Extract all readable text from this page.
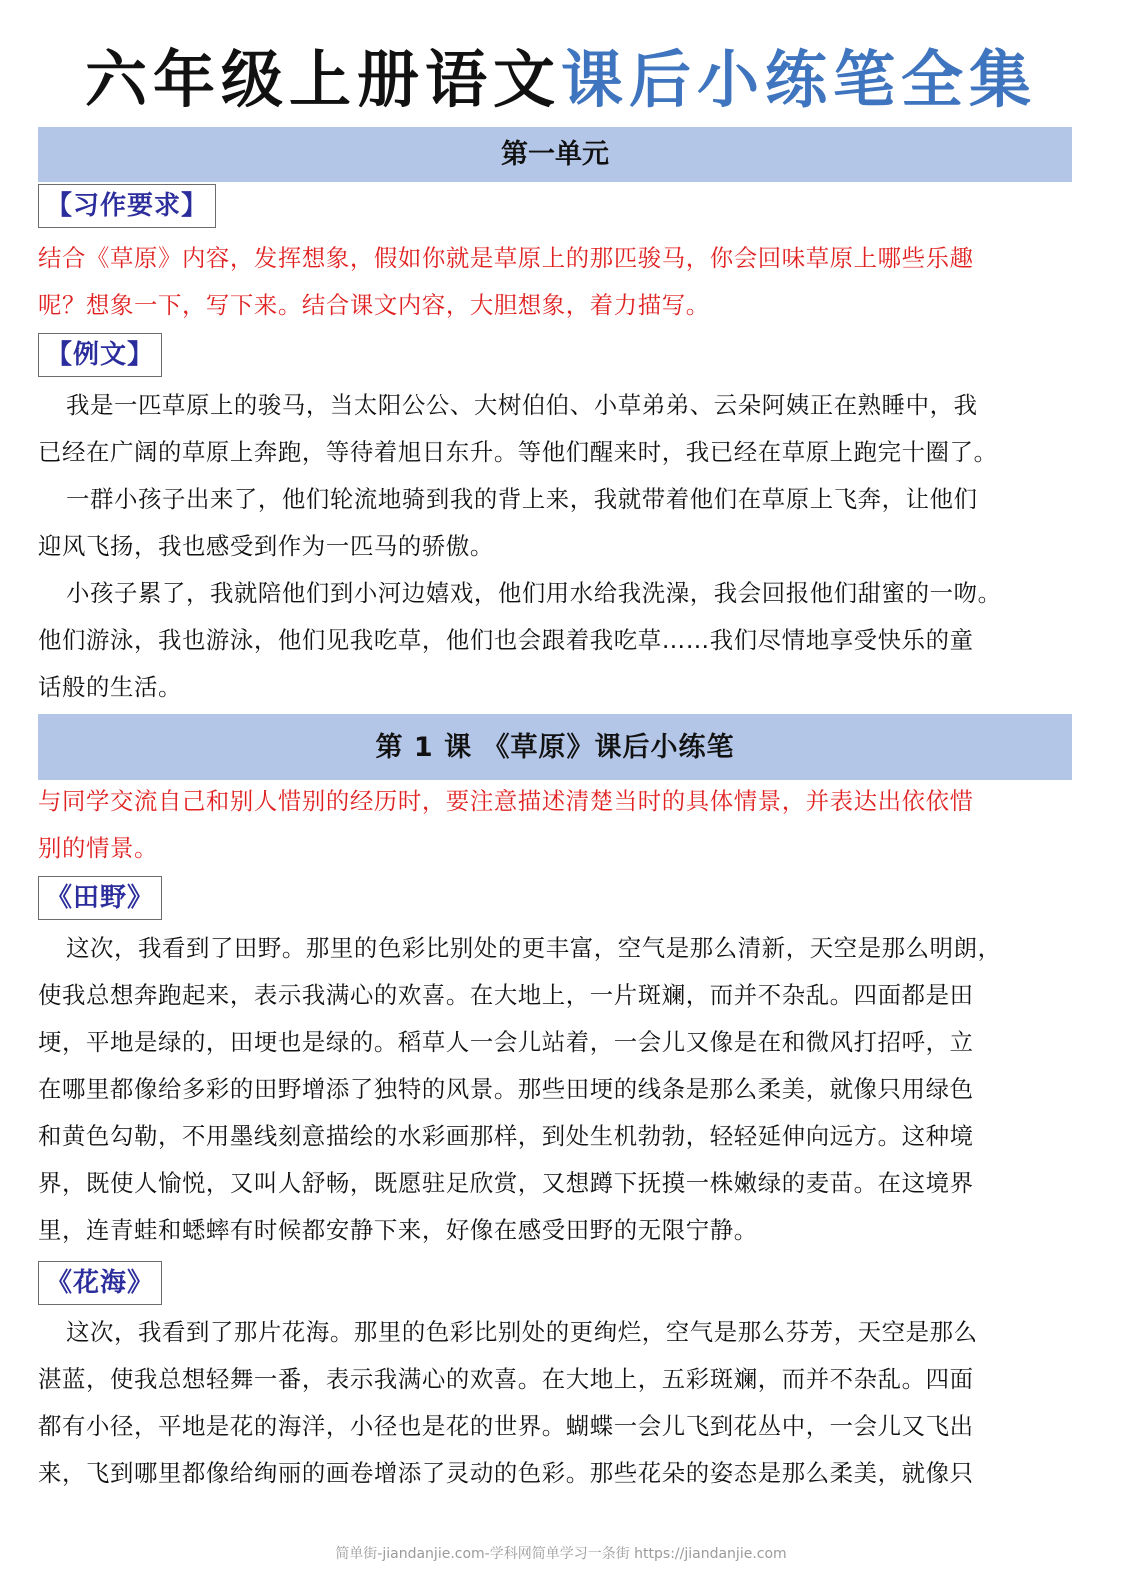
六年级上册语文课后小练笔全集
第一单元
【习作要求】
结合《草原》内容，发挥想象，假如你就是草原上的那匹骏马，你会回味草原上哪些乐趣
呢？想象一下，写下来。结合课文内容，大胆想象，着力描写。
【例文】
我是一匹草原上的骏马，当太阳公公、大树伯伯、小草弟弟、云朵阿姨正在熟睡中，我
已经在广阔的草原上奔跑，等待着旭日东升。等他们醒来时，我已经在草原上跑完十圈了。
一群小孩子出来了，他们轮流地骑到我的背上来，我就带着他们在草原上飞奔，让他们
迎风飞扬，我也感受到作为一匹马的骄傲。
小孩子累了，我就陪他们到小河边嬉戏，他们用水给我洗澡，我会回报他们甜蜜的一吻。
他们游泳，我也游泳，他们见我吃草，他们也会跟着我吃草……我们尽情地享受快乐的童
话般的生活。
第 1 课 《草原》课后小练笔
与同学交流自己和别人惜别的经历时，要注意描述清楚当时的具体情景，并表达出依依惜
别的情景。
《田野》
这次，我看到了田野。那里的色彩比别处的更丰富，空气是那么清新，天空是那么明朗，
使我总想奔跑起来，表示我满心的欢喜。在大地上，一片斑斓，而并不杂乱。四面都是田
埂，平地是绿的，田埂也是绿的。稻草人一会儿站着，一会儿又像是在和微风打招呼，立
在哪里都像给多彩的田野增添了独特的风景。那些田埂的线条是那么柔美，就像只用绿色
和黄色勾勒，不用墨线刻意描绘的水彩画那样，到处生机勃勃，轻轻延伸向远方。这种境
界，既使人愉悦，又叫人舒畅，既愿驻足欣赏，又想蹲下抚摸一株嫩绿的麦苗。在这境界
里，连青蛙和蟋蟀有时候都安静下来，好像在感受田野的无限宁静。
《花海》
这次，我看到了那片花海。那里的色彩比别处的更绚烂，空气是那么芬芳，天空是那么
湛蓝，使我总想轻舞一番，表示我满心的欢喜。在大地上，五彩斑斓，而并不杂乱。四面
都有小径，平地是花的海洋，小径也是花的世界。蝴蝶一会儿飞到花丛中，一会儿又飞出
来，飞到哪里都像给绚丽的画卷增添了灵动的色彩。那些花朵的姿态是那么柔美，就像只
简单街-jiandanjie.com-学科网简单学习一条街 https://jiandanjie.com
